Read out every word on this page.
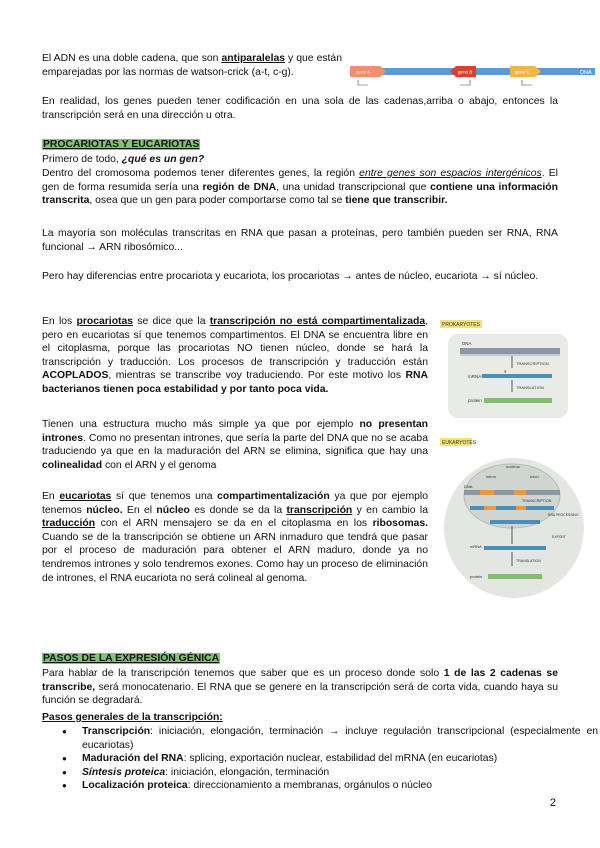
El ADN es una doble cadena, que son antiparalelas y que están emparejadas por las normas de watson-crick (a-t, c-g).	gene A	gene B	gene C	DNA

En realidad, los genes pueden tener codificación en una sola de las cadenas,arriba o abajo, entonces la transcripción será en una dirección u otra.

PROCARIOTAS Y EUCARIOTAS

Primero de todo, ¿qué es un gen?

Dentro del cromosoma podemos tener diferentes genes, la región entre genes son espacios intergénicos. El gen de forma resumida sería una región de DNA, una unidad transcripcional que contiene una información transcrita, osea que un gen para poder comportarse como tal se tiene que transcribir.

La mayoría son moléculas transcritas en RNA que pasan a proteínas, pero también pueden ser RNA, RNA funcional → ARN ribosómico...

Pero hay diferencias entre procariota y eucariota, los procariotas → antes de núcleo, eucariota → sí núcleo.

En los procariotas se dice que la transcripción no está compartimentalizada, pero en eucariotas sí que tenemos compartimentos. El DNA se encuentra libre en el citoplasma, porque las procariotas NO tienen núcleo, donde se hará la transcripción y traducción. Los procesos de transcripción y traducción están ACOPLADOS, mientras se transcribe voy traduciendo. Por este motivo los RNA bacterianos tienen poca estabilidad y por tanto poca vida.

Tienen una estructura mucho más simple ya que por ejemplo no presentan intrones. Como no presentan intrones, que sería la parte del DNA que no se acaba traduciendo ya que en la maduración del ARN se elimina, significa que hay una colinealidad con el ARN y el genoma

PROKARYOTES
DNA
TRANSCRIPTION
5'
mRNA
TRANSLATION
protein
EUKARYOTES
nucleus
intron	exon
DNA
TRANSCRIPTION
RNA PROCESSING
mRNA
EXPORT
TRANSLATION
protein

En eucariotas sí que tenemos una compartimentalización ya que por ejemplo tenemos núcleo. En el núcleo es donde se da la transcripción y en cambio la traducción con el ARN mensajero se da en el citoplasma en los ribosomas. Cuando se de la transcripción se obtiene un ARN inmaduro que tendrá que pasar por el proceso de maduración para obtener el ARN maduro, donde ya no tendremos intrones y solo tendremos exones. Como hay un proceso de eliminación de intrones, el RNA eucariota no será colineal al genoma.

PASOS DE LA EXPRESIÓN GÉNICA

Para hablar de la transcripción tenemos que saber que es un proceso donde solo 1 de las 2 cadenas se transcribe, será monocatenario. El RNA que se genere en la transcripción será de corta vida, cuando haya su función se degradará.

Pasos generales de la transcripción:

● Transcripción: iniciación, elongación, terminación → incluye regulación transcripcional (especialmente en eucariotas)
● Maduración del RNA: splicing, exportación nuclear, estabilidad del mRNA (en eucariotas)
● Síntesis proteica: iniciación, elongación, terminación
● Localización proteica: direccionamiento a membranas, orgánulos o núcleo
2
